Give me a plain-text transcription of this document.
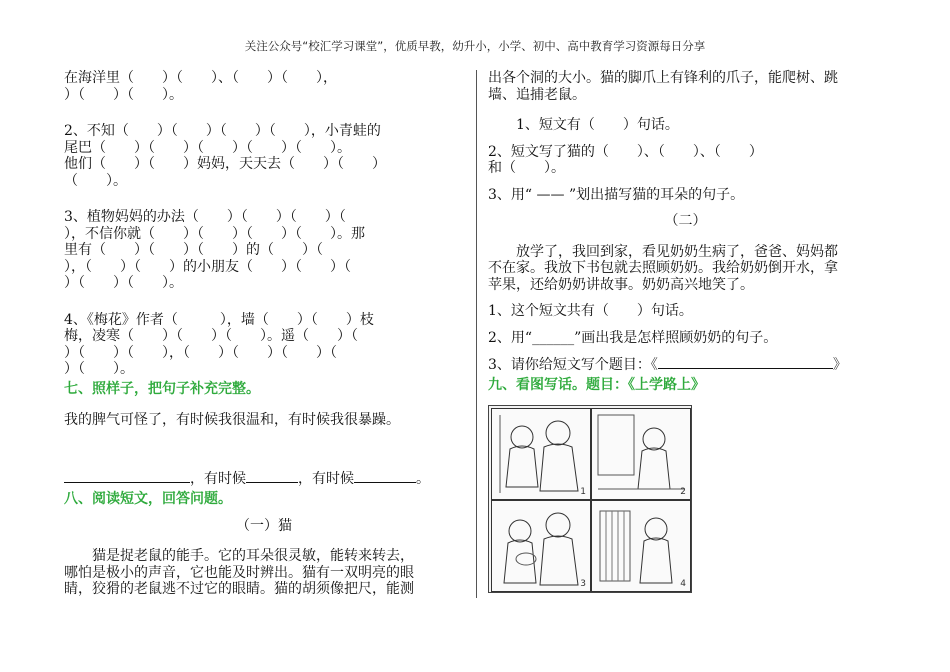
关注公众号“校汇学习课堂”，优质早教，幼升小，小学、初中、高中教育学习资源每日分享

在海洋里（　　）（　　）、（　　）（　　），

）（　　）（　　）。

2、不知（　　）（　　）（　　）（　　），小青蛙的

尾巴（　　）（　　）（　　）（　　）（　　）。

他们（　　）（　　）妈妈，天天去（　　）（　　）

（　　）。

3、植物妈妈的办法（　　）（　　）（　　）（

），不信你就（　　）（　　）（　　）（　　）。那

里有（　　）（　　）（　　）的（　　）（

），（　　）（　　）的小朋友（　　）（　　）（

）（　　）（　　）。

4、《梅花》作者（　　　），墙（　　）（　　）枝

梅，凌寒（　　）（　　）（　　）。遥（　　）（

）（　　）（　　），（　　）（　　）（　　）（

）（　　）。

七、照样子，把句子补充完整。

我的脾气可怪了，有时候我很温和，有时候我很暴躁。

，有时候	，有时候	。

八、阅读短文，回答问题。

（一）猫

猫是捉老鼠的能手。它的耳朵很灵敏，能转来转去，

哪怕是极小的声音，它也能及时辨出。猫有一双明亮的眼

睛，狡猾的老鼠逃不过它的眼睛。猫的胡须像把尺，能测

出各个洞的大小。猫的脚爪上有锋利的爪子，能爬树、跳

墙、追捕老鼠。

1、短文有（　　）句话。

2、短文写了猫的（　　）、（　　）、（　　）

和（　　）。

3、用“ —— ”划出描写猫的耳朵的句子。

（二）

放学了，我回到家，看见奶奶生病了，爸爸、妈妈都

不在家。我放下书包就去照顾奶奶。我给奶奶倒开水，拿

苹果，还给奶奶讲故事。奶奶高兴地笑了。

1、这个短文共有（　　）句话。

2、用“______”画出我是怎样照顾奶奶的句子。

3、请你给短文写个题目：《	》

九、看图写话。题目：《上学路上》

1	2
3	4
